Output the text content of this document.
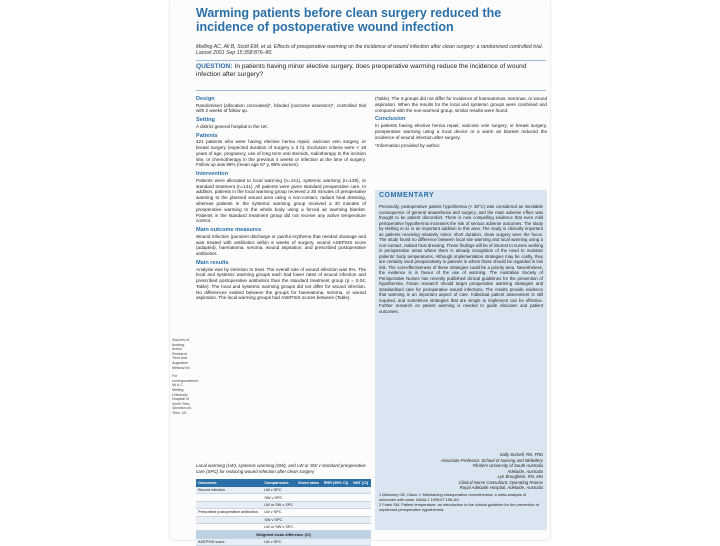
Warming patients before clean surgery reduced the incidence of postoperative wound infection
Melling AC, Ali B, Scott EM, et al. Effects of preoperative warming on the incidence of wound infection after clean surgery: a randomised controlled trial. Lancet 2001 Sep 15;358:876–80.
QUESTION: In patients having minor elective surgery, does preoperative warming reduce the incidence of wound infection after surgery?
Design
Randomised (allocation concealed)*, blinded (outcome assessor)*, controlled trial with 2 weeks of follow up.
Setting
A district general hospital in the UK.
Patients
421 patients who were having elective hernia repair, varicose vein surgery, or breast surgery (expected duration of surgery ≥ 3 h). Exclusion criteria were < 18 years of age, pregnancy, use of long term oral steroids, radiotherapy to the incision site, or chemotherapy in the previous 4 weeks or infection at the time of surgery. Follow up was 99% (mean age 57 y, 98% women).
Intervention
Patients were allocated to local warming (n=141), systemic warming (n=139), or standard treatment (n=141). All patients were given standard preoperative care. In addition, patients in the local warming group received ≥ 30 minutes of preoperative warming to the planned wound area using a non-contact, radiant heat dressing, whereas patients in the systemic warming group received ≥ 30 minutes of preoperative warming to the whole body using a forced air warming blanket. Patients in the standard treatment group did not receive any active temperature control.
Main outcome measures
Wound infection (purulent discharge or painful erythema that needed drainage and was treated with antibiotics within 6 weeks of surgery, wound ASEPSIS score (adapted), haematoma, seroma, wound aspiration, and prescribed postoperative antibiotics.
Main results
Analysis was by intention to treat. The overall rate of wound infection was 8%. The local and systemic warming groups each had lower rates of wound infection and prescribed postoperative antibiotics than the standard treatment group (p = 0.04; Table). The local and systemic warming groups did not differ for wound infection. No differences existed between the groups for haematoma, seroma, or wound aspiration. The local warming groups had ASEPSIS scores between (Table).
Sources of funding:
Action Research Trust and Augustine Medical Inc.
For correspondence:
Mr A C Melling, University Hospital of North Tees, Stockton-on-Tees, UK.
(Table). The 3 groups did not differ for incidence of haematomas, seromas, or wound aspiration. When the results for the local and systemic groups were combined and compared with the non-warmed group, similar results were found.
Conclusion
In patients having elective hernia repair, varicose vein surgery, or breast surgery, preoperative warming using a local device or a warm air blanket reduced the incidence of wound infection after surgery.
*Information provided by author.
COMMENTARY
Previously, postoperative patient hypothermia (< 36°C) was considered an inevitable consequence of general anaesthesia and surgery, and the main adverse effect was thought to be patient discomfort. There is now compelling evidence that even mild perioperative hypothermia increases the risk of serious adverse outcomes. The study by Melling et al. is an important addition to this area. The study is clinically important as patients receiving relatively minor, short duration, clean surgery were the focus. The study found no difference between local site warming and local warming using a non-contact, radiant heat dressing. These findings will be of interest to nurses working in perioperative areas where there is already recognition of the need to maintain patients' body temperatures. Although implementation strategies may be costly, they are certainly used preoperatively in patients in whom those should be regarded in low risk. The cost-effectiveness of these strategies could be a priority area. Nevertheless, the evidence is in favour of the use of warming. The Australian Society of Perioperative Nurses has recently published clinical guidelines for the prevention of hypothermia. Future research should target preoperative warming strategies and standardised care for perioperative wound infections. The results provide evidence that warming is an important aspect of care. Individual patient assessment is still required, and sometimes strategies that are simple to implement can be effective. Further research on patient warming is needed to guide clinicians and patient outcomes.
Sally Sorbell, RN, PhD
Associate Professor, School of Nursing and Midwifery
Flinders University of South Australia
Adelaide, Australia
Lyn Broughton, RN, MN
Clinical Nurse Consultant, Operating Rooms
Royal Adelaide Hospital, Adelaide, Australia
1 Mahoney CB, Odom J. Maintaining intraoperative normothermia: a meta-analysis of outcomes with costs. AANA J 1999;67:155–63.
2 Frank SM. Patient temperature: an introduction to the clinical guideline for the prevention of unplanned perioperative hypothermia.
Local warming (LW), systemic warming (SW), and LW or SW v standard preoperative care (SPC) for reducing wound infection after clean surgery
Outcomes	Comparisons	Event rates	RRR (95% CI)	NNT (CI)
Wound infection	LW v SPC			
	SW v SPC			
	LW or SW v SPC			
Prescribed postoperative antibiotics	LW v SPC			
	SW v SPC			
	LW or SW v SPC			
Weighted mean difference (CI)				
ASEPSIS score	LW v SPC			
